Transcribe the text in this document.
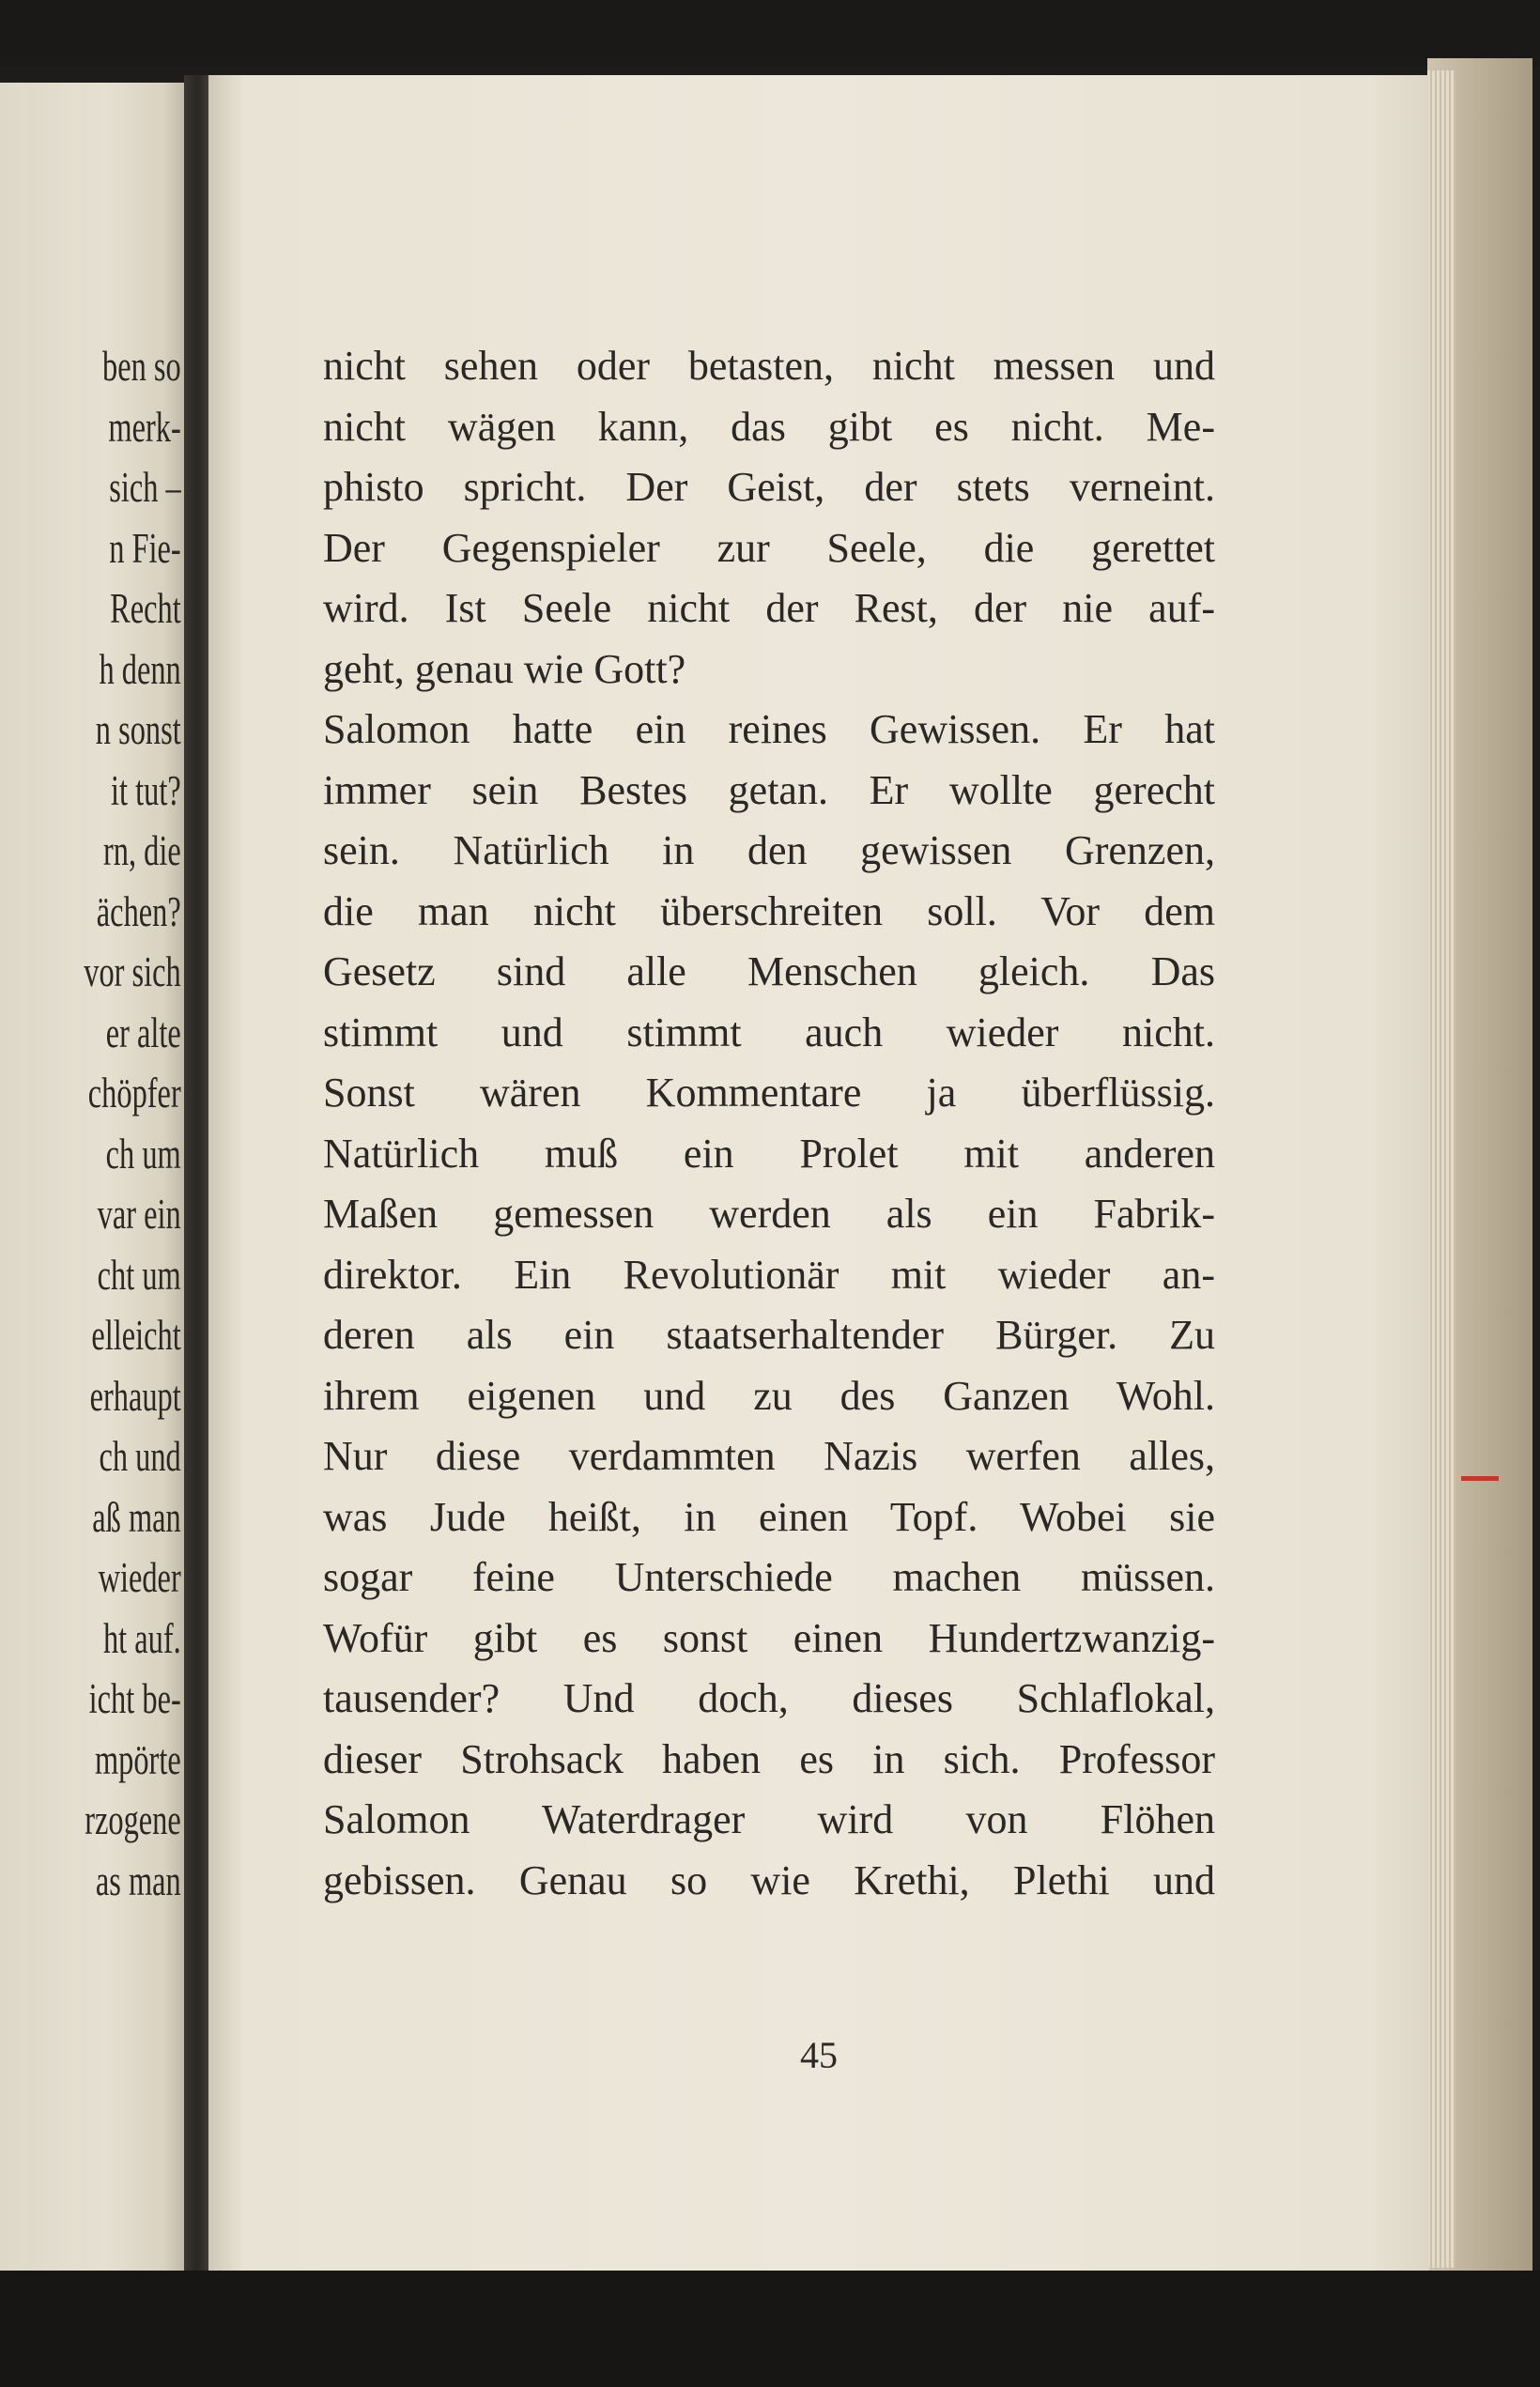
ben so
merk-
sich –
n Fie-
Recht
h denn
n sonst
it tut?
rn, die
ächen?
vor sich
er alte
chöpfer
ch um
var ein
cht um
elleicht
erhaupt
ch und
aß man
wieder
ht auf.
icht be-
mpörte
rzogene
as man
nicht sehen oder betasten, nicht messen und
nicht wägen kann, das gibt es nicht. Me-
phisto spricht. Der Geist, der stets verneint.
Der Gegenspieler zur Seele, die gerettet
wird. Ist Seele nicht der Rest, der nie auf-
geht, genau wie Gott?
Salomon hatte ein reines Gewissen. Er hat
immer sein Bestes getan. Er wollte gerecht
sein. Natürlich in den gewissen Grenzen,
die man nicht überschreiten soll. Vor dem
Gesetz sind alle Menschen gleich. Das
stimmt und stimmt auch wieder nicht.
Sonst wären Kommentare ja überflüssig.
Natürlich muß ein Prolet mit anderen
Maßen gemessen werden als ein Fabrik-
direktor. Ein Revolutionär mit wieder an-
deren als ein staatserhaltender Bürger. Zu
ihrem eigenen und zu des Ganzen Wohl.
Nur diese verdammten Nazis werfen alles,
was Jude heißt, in einen Topf. Wobei sie
sogar feine Unterschiede machen müssen.
Wofür gibt es sonst einen Hundertzwanzig-
tausender? Und doch, dieses Schlaflokal,
dieser Strohsack haben es in sich. Professor
Salomon Waterdrager wird von Flöhen
gebissen. Genau so wie Krethi, Plethi und
45
